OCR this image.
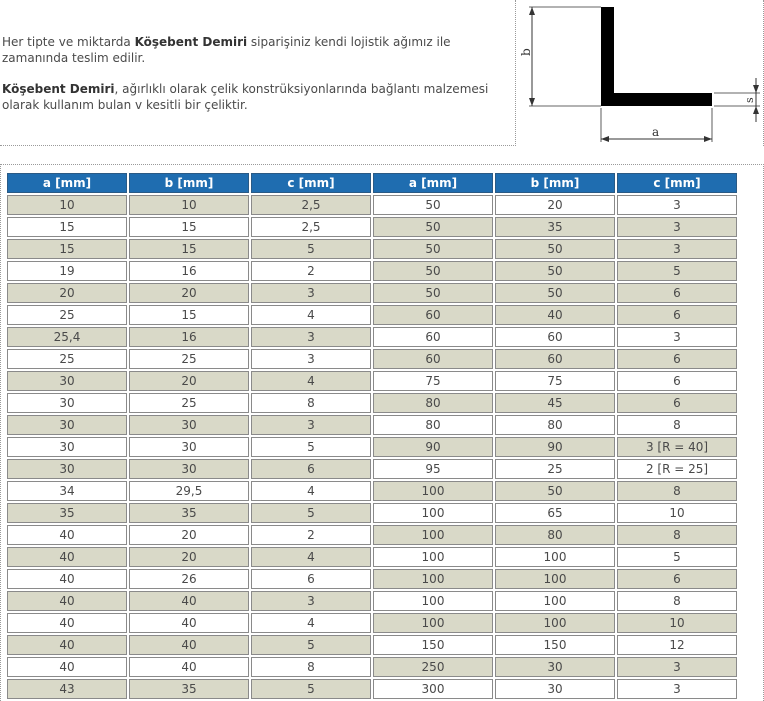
Her tipte ve miktarda Köşebent Demiri siparişiniz kendi lojistik ağımız ile zamanında teslim edilir.
Köşebent Demiri, ağırlıklı olarak çelik konstrüksiyonlarında bağlantı malzemesi olarak kullanım bulan v kesitli bir çeliktir.
b
a
s
a [mm]	b [mm]	c [mm]	a [mm]	b [mm]	c [mm]
10	10	2,5	50	20	3
15	15	2,5	50	35	3
15	15	5	50	50	3
19	16	2	50	50	5
20	20	3	50	50	6
25	15	4	60	40	6
25,4	16	3	60	60	3
25	25	3	60	60	6
30	20	4	75	75	6
30	25	8	80	45	6
30	30	3	80	80	8
30	30	5	90	90	3 [R = 40]
30	30	6	95	25	2 [R = 25]
34	29,5	4	100	50	8
35	35	5	100	65	10
40	20	2	100	80	8
40	20	4	100	100	5
40	26	6	100	100	6
40	40	3	100	100	8
40	40	4	100	100	10
40	40	5	150	150	12
40	40	8	250	30	3
43	35	5	300	30	3
